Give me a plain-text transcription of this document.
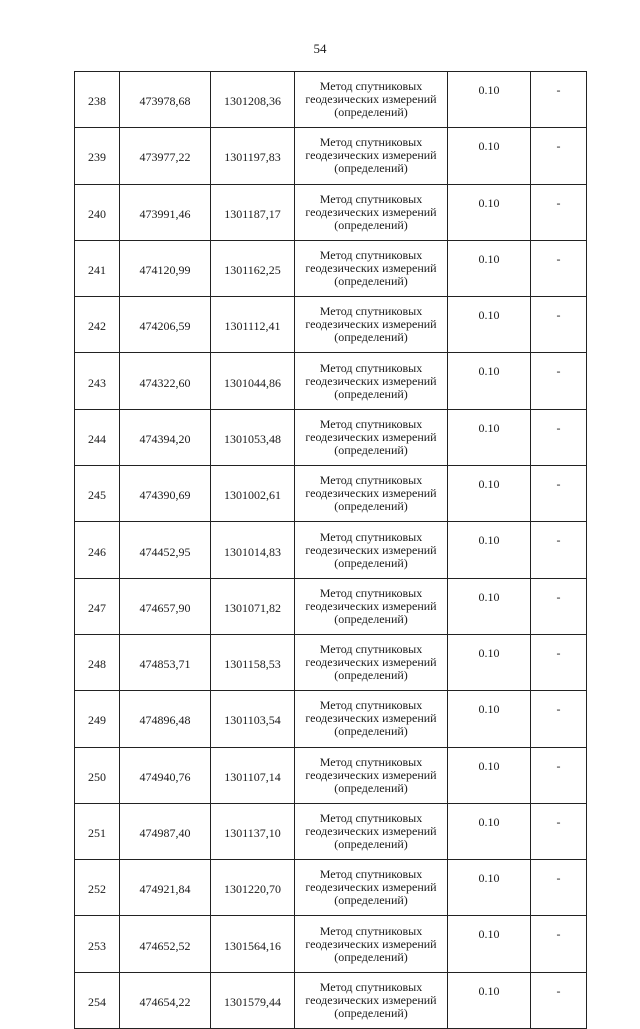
54
238	473978,68	1301208,36	Метод спутниковых
геодезических измерений
(определений)	0.10	-
239	473977,22	1301197,83	Метод спутниковых
геодезических измерений
(определений)	0.10	-
240	473991,46	1301187,17	Метод спутниковых
геодезических измерений
(определений)	0.10	-
241	474120,99	1301162,25	Метод спутниковых
геодезических измерений
(определений)	0.10	-
242	474206,59	1301112,41	Метод спутниковых
геодезических измерений
(определений)	0.10	-
243	474322,60	1301044,86	Метод спутниковых
геодезических измерений
(определений)	0.10	-
244	474394,20	1301053,48	Метод спутниковых
геодезических измерений
(определений)	0.10	-
245	474390,69	1301002,61	Метод спутниковых
геодезических измерений
(определений)	0.10	-
246	474452,95	1301014,83	Метод спутниковых
геодезических измерений
(определений)	0.10	-
247	474657,90	1301071,82	Метод спутниковых
геодезических измерений
(определений)	0.10	-
248	474853,71	1301158,53	Метод спутниковых
геодезических измерений
(определений)	0.10	-
249	474896,48	1301103,54	Метод спутниковых
геодезических измерений
(определений)	0.10	-
250	474940,76	1301107,14	Метод спутниковых
геодезических измерений
(определений)	0.10	-
251	474987,40	1301137,10	Метод спутниковых
геодезических измерений
(определений)	0.10	-
252	474921,84	1301220,70	Метод спутниковых
геодезических измерений
(определений)	0.10	-
253	474652,52	1301564,16	Метод спутниковых
геодезических измерений
(определений)	0.10	-
254	474654,22	1301579,44	Метод спутниковых
геодезических измерений
(определений)	0.10	-
